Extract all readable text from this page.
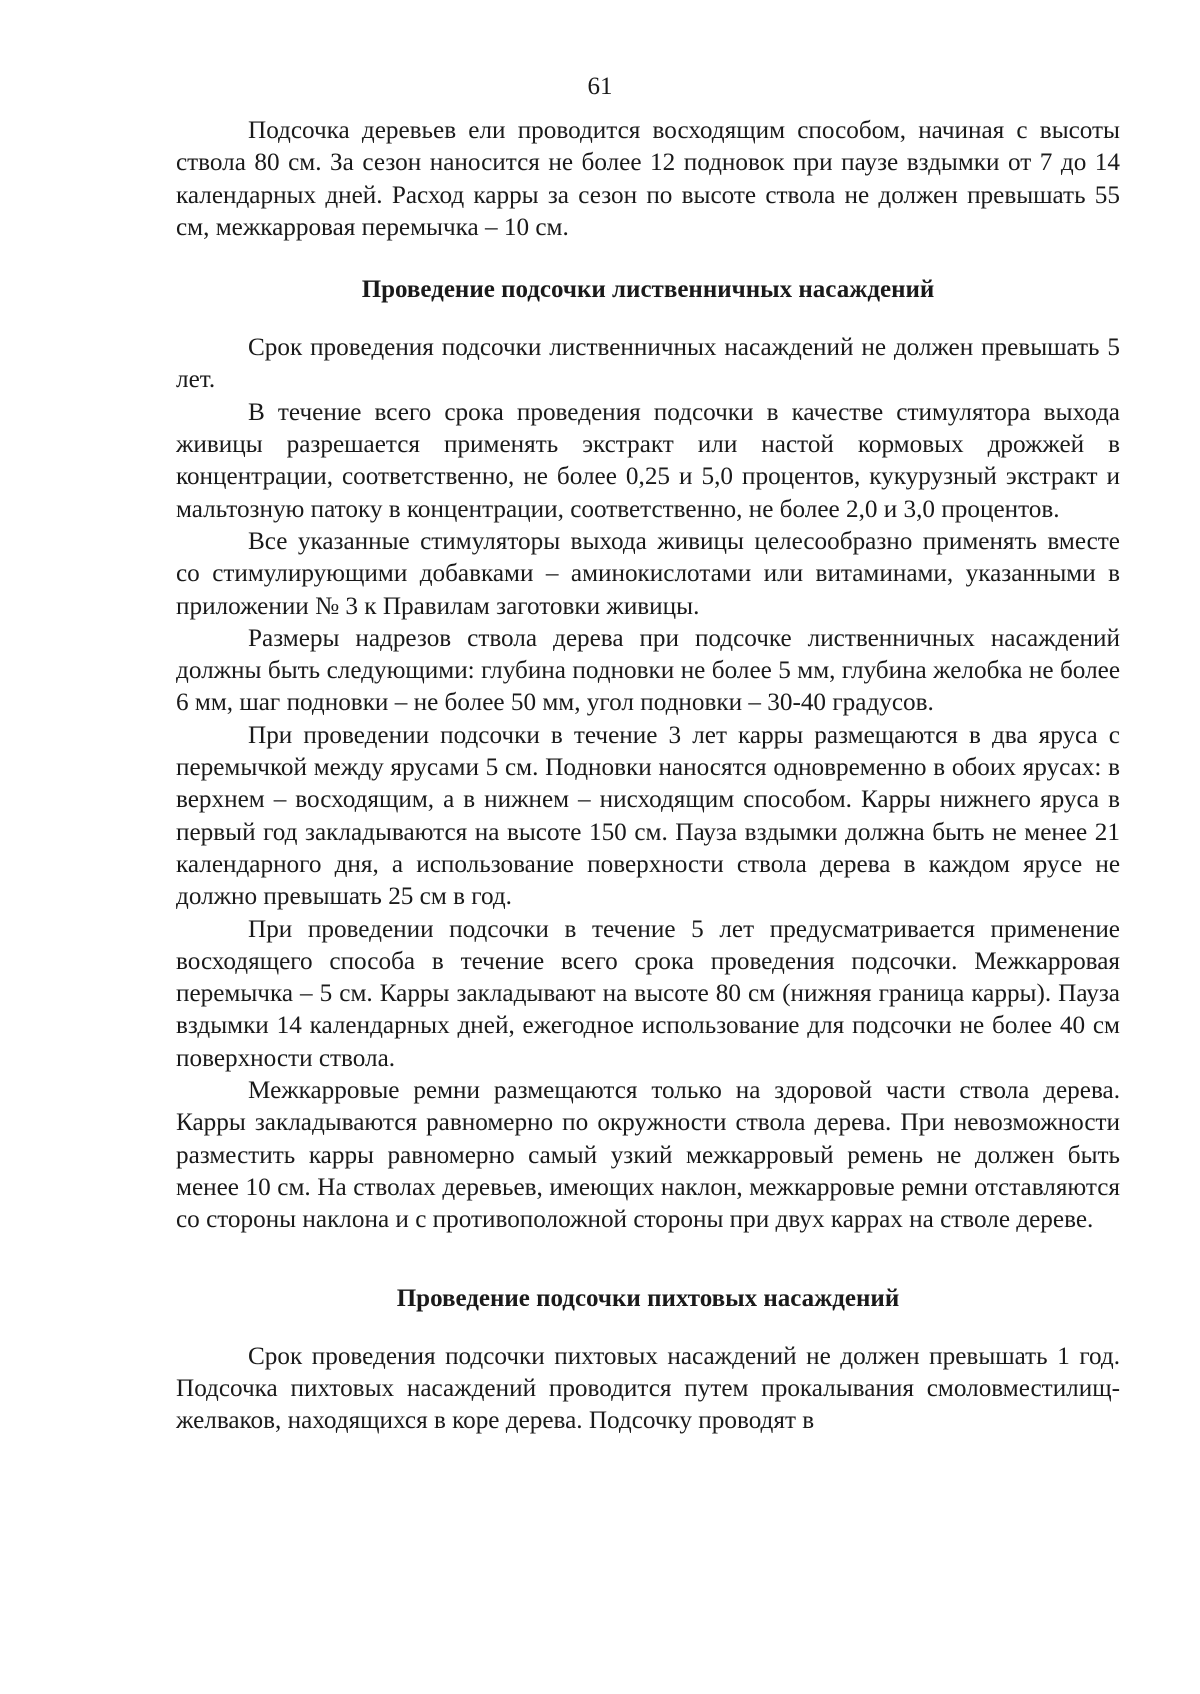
61

Подсочка деревьев ели проводится восходящим способом, начиная с высоты ствола 80 см. За сезон наносится не более 12 подновок при паузе вздымки от 7 до 14 календарных дней. Расход карры за сезон по высоте ствола не должен превышать 55 см, межкарровая перемычка – 10 см.

Проведение подсочки лиственничных насаждений

Срок проведения подсочки лиственничных насаждений не должен превышать 5 лет.

В течение всего срока проведения подсочки в качестве стимулятора выхода живицы разрешается применять экстракт или настой кормовых дрожжей в концентрации, соответственно, не более 0,25 и 5,0 процентов, кукурузный экстракт и мальтозную патоку в концентрации, соответственно, не более 2,0 и 3,0 процентов.

Все указанные стимуляторы выхода живицы целесообразно применять вместе со стимулирующими добавками – аминокислотами или витаминами, указанными в приложении № 3 к Правилам заготовки живицы.

Размеры надрезов ствола дерева при подсочке лиственничных насаждений должны быть следующими: глубина подновки не более 5 мм, глубина желобка не более 6 мм, шаг подновки – не более 50 мм, угол подновки – 30-40 градусов.

При проведении подсочки в течение 3 лет карры размещаются в два яруса с перемычкой между ярусами 5 см. Подновки наносятся одновременно в обоих ярусах: в верхнем – восходящим, а в нижнем – нисходящим способом. Карры нижнего яруса в первый год закладываются на высоте 150 см. Пауза вздымки должна быть не менее 21 календарного дня, а использование поверхности ствола дерева в каждом ярусе не должно превышать 25 см в год.

При проведении подсочки в течение 5 лет предусматривается применение восходящего способа в течение всего срока проведения подсочки. Межкарровая перемычка – 5 см. Карры закладывают на высоте 80 см (нижняя граница карры). Пауза вздымки 14 календарных дней, ежегодное использование для подсочки не более 40 см поверхности ствола.

Межкарровые ремни размещаются только на здоровой части ствола дерева. Карры закладываются равномерно по окружности ствола дерева. При невозможности разместить карры равномерно самый узкий межкарровый ремень не должен быть менее 10 см. На стволах деревьев, имеющих наклон, межкарровые ремни отставляются со стороны наклона и с противоположной стороны при двух каррах на стволе дереве.

Проведение подсочки пихтовых насаждений

Срок проведения подсочки пихтовых насаждений не должен превышать 1 год. Подсочка пихтовых насаждений проводится путем прокалывания смоловместилищ-желваков, находящихся в коре дерева. Подсочку проводят в
